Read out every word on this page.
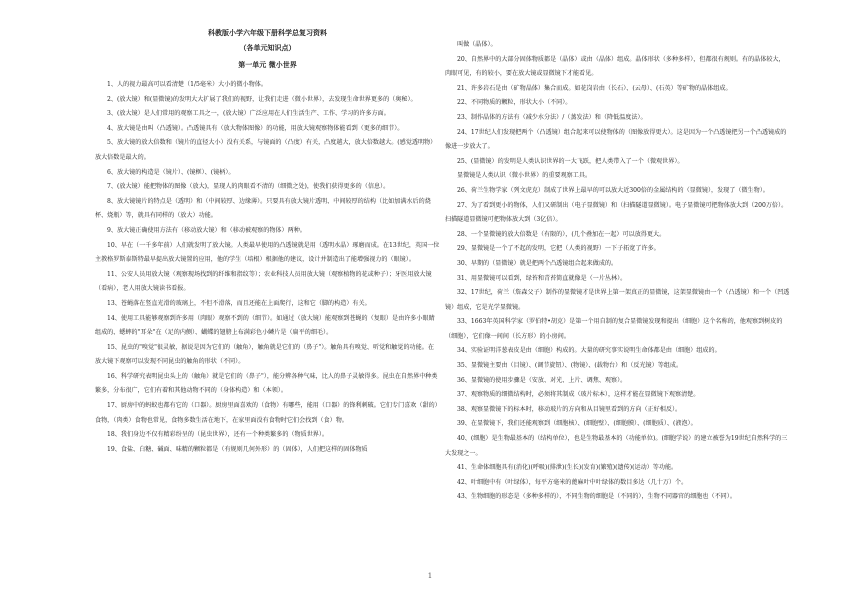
科教版小学六年级下册科学总复习资料
（各单元知识点）
第一单元 微小世界

1、人的视力最高可以看清楚（1/5毫米）大小的微小物体。

2、(放大镜）和(显微镜)的发明大大扩展了我们的视野，让我们走进（微小世界），去发现生命世界更多的（奥秘）。

3、(放大镜）是人们常用的观察工具之一，(放大镜）广泛应用在人们生活生产、工作、学习的许多方面。

4、放大镜是由叫（凸透镜）。凸透镜具有（放大物体图像）的功能，用放大镜观察物体能看到（更多的细节）。

5、放大镜的放大倍数和（镜片的直径大小）没有关系，与镜面的（凸度）有关，凸度越大，放大倍数越大。(感觉透明物）放大倍数是最大的。

6、放大镜的构造是（镜片）、(镜框）、(镜柄）。

7、(放大镜）能把物体的图像（放大)，显现人的肉眼看不清的（细微之处)，使我们获得更多的（信息）。

8、放大镜镜片的特点是（透明）和（中间较厚、边缘薄）。只要具有放大镜片透明、中间较厚的结构（比如加满水后的烧杯、烧瓶）等，就具有同样的（放大）功能。

9、放大镜正确使用方法有（移动放大镜）和（移动被观察的物体）两种。

10、早在（一千多年前）人们就发明了放大镜。人类最早使用的凸透镜就是用（透明水晶）琢磨而成。在13世纪，英国一位主教格罗斯泰斯特最早提出放大镜置的应用，他的学生（培根）根据他的建议，设计并制造出了能增强视力的（眼镜）。

11、公安人员用放大镜（观察现场找到的纤维和指纹等）；农业科技人员用放大镜（观察植物的花或种子）；牙医用放大镜（看病），老人用放大镜读书看报。

13、苍蝇落在竖直光滑的玻璃上，不但不滑落，而且还能在上面爬行，这和它（脚的构造）有关。

14、使用工具能够观察到许多用（肉眼）观察不到的（细节）。如通过（放大镜）能观察到苍蝇的（复眼）是由许多小眼睛组成的、蟋蟀的"耳朵"在（足的内侧）、蝴蝶的翅膀上布满彩色小鳞片是（扁平的细毛）。

15、昆虫的"嗅觉"很灵敏，据说是因为它们的（触角），触角就是它们的（鼻子"）。触角具有嗅觉、听觉和触觉的功能。在放大镜下观察可以发现不同昆虫的触角的形状（不同）。

16、科学研究表明昆虫头上的（触角）就是它们的（鼻子"），能分辨各种气味，比人的鼻子灵敏得多。昆虫在自然界中种类繁多，分布很广，它们有着和其他动物不同的（身体构造）和（本领）。

17、厨房中的蚂蚁也都有它的（口器）。厨房里面喜欢的（食物）有哪些，能用（口器）的锋利刺破。它们专门喜欢（甜的）食物，（肉类）食物也常见，食物多数生活在地下，在家里面没有食物时它们会找到（食）物。

18、我们身边不仅有精彩纷呈的（昆虫世界），还有一个种类繁多的（物质世界）。

19、食盐、白糖、碱面、味精的颗粒都是（有规则几何外形）的（固体），人们把这样的固体物质

叫做（晶体）。

20、自然界中的大部分固体物质都是（晶体）或由（晶体）组成。晶体形状（多种多样），但都很有规则。有的晶体较大，肉眼可见，有的较小，要在放大镜或显微镜下才能看见。

21、许多岩石是由（矿物晶体）集合而成。如花岗岩由（长石）、(云母）、(石英）等矿物的晶体组成。

22、不同物质的颗粒，形状大小（不同）。

23、制作晶体的方法有（减少水分法）/（蒸发法）和（降低温度法）。

24、17世纪人们发现把两个（凸透镜）组合起来可以使物体的（图像放得更大）。这是因为一个凸透镜把另一个凸透镜成的像进一步放大了。

25、(显微镜）的发明是人类认识世界的一大飞跃，把人类带入了一个（微观世界）。

显微镜是人类认识（微小世界）的重要观察工具。

26、荷兰生物学家（列文虎克）制成了世界上最早的可以放大近300倍的金属结构的（显微镜），发现了（微生物）。

27、为了看到更小的物体，人们又研制出（电子显微镜）和（扫描隧道显微镜）。电子显微镜可把物体放大到（200万倍）。扫描隧道显微镜可把物体放大到（3亿倍）。

28、一个显微镜的放大倍数是（有限的），(几个叠加在一起）可以放得更大。

29、显微镜是一个了不起的发明，它把（人类的视野）一下子拓宽了许多。

30、早期的（显微镜）就是把两个凸透镜组合起来做成的。

31、用显微镜可以看到，绿苔和青苔简直就像是（一片丛林）。

32、17世纪，荷兰（詹森父子）制作的显微镜才是世界上第一架真正的显微镜，这架显微镜由一个（凸透镜）和一个（凹透镜）组成，它是光学显微镜。

33、1663年英国科学家（罗伯特•胡克）是第一个用自制的复合显微镜发现和提出（细胞）这个名称的，他观察到树皮的（细胞），它们像一间间（长方形）的小房间。

34、实验证明洋葱表皮是由（细胞）构成的。大量的研究事实说明生命体都是由（细胞）组成的。

35、显微镜主要由（目镜）、(调节旋钮）、(物镜）、(载物台）和（反光镜）等组成。

36、显微镜的使用步骤是（安放、对光、上片、调焦、观察）。

37、观察物质的细微结构时，必须将其制成（玻片标本），这样才能在显微镜下观察清楚。

38、观察显微镜下的标本时，移动玻片的方向和从目镜里看到的方向（正好相反）。

39、在显微镜下，我们还能观察到（细胞核）、(细胞壁）、(细胞膜）、(细胞质）、(液泡）。

40、(细胞）是生物最基本的（结构单位），也是生物最基本的（功能单位)。(细胞学说）的建立被誉为19世纪自然科学的三大发现之一。

41、生命体细胞具有(消化)(呼吸)(排泄)(生长)(发育)(繁殖)(遗传)(运动）等功能。

42、叶细胞中有（叶绿体），每平方毫米的蓖麻叶中叶绿体的数目多达（几十万）个。

43、生物细胞的形态是（多种多样的），不同生物的细胞是（不同的），生物不同器官的细胞也（不同）。

1
